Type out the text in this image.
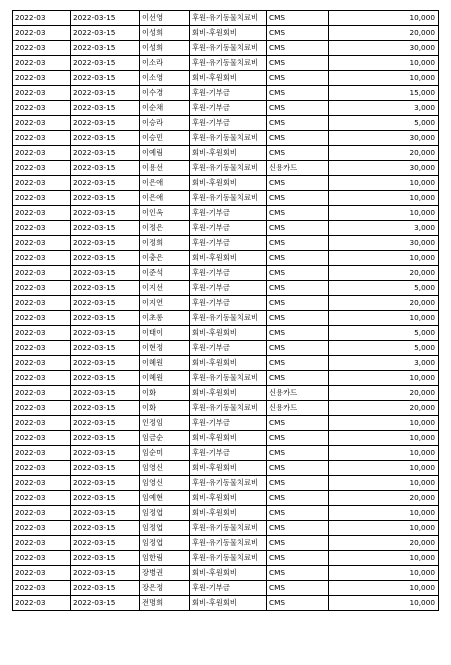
2022-03	2022-03-15	이선영	후원-유기동물치료비	CMS	10,000
2022-03	2022-03-15	이성희	회비-후원회비	CMS	20,000
2022-03	2022-03-15	이성희	후원-유기동물치료비	CMS	30,000
2022-03	2022-03-15	이소라	후원-유기동물치료비	CMS	10,000
2022-03	2022-03-15	이소영	회비-후원회비	CMS	10,000
2022-03	2022-03-15	이수경	후원-기부금	CMS	15,000
2022-03	2022-03-15	이순채	후원-기부금	CMS	3,000
2022-03	2022-03-15	이승라	후원-기부금	CMS	5,000
2022-03	2022-03-15	이승민	후원-유기동물치료비	CMS	30,000
2022-03	2022-03-15	이예림	회비-후원회비	CMS	20,000
2022-03	2022-03-15	이용선	후원-유기동물치료비	신용카드	30,000
2022-03	2022-03-15	이은애	회비-후원회비	CMS	10,000
2022-03	2022-03-15	이은애	후원-유기동물치료비	CMS	10,000
2022-03	2022-03-15	이인옥	후원-기부금	CMS	10,000
2022-03	2022-03-15	이정은	후원-기부금	CMS	3,000
2022-03	2022-03-15	이정희	후원-기부금	CMS	30,000
2022-03	2022-03-15	이충은	회비-후원회비	CMS	10,000
2022-03	2022-03-15	이준석	후원-기부금	CMS	20,000
2022-03	2022-03-15	이지선	후원-기부금	CMS	5,000
2022-03	2022-03-15	이지연	후원-기부금	CMS	20,000
2022-03	2022-03-15	이초롱	후원-유기동물치료비	CMS	10,000
2022-03	2022-03-15	이태이	회비-후원회비	CMS	5,000
2022-03	2022-03-15	이현정	후원-기부금	CMS	5,000
2022-03	2022-03-15	이혜원	회비-후원회비	CMS	3,000
2022-03	2022-03-15	이혜원	후원-유기동물치료비	CMS	10,000
2022-03	2022-03-15	이화	회비-후원회비	신용카드	20,000
2022-03	2022-03-15	이화	후원-유기동물치료비	신용카드	20,000
2022-03	2022-03-15	인정임	후원-기부금	CMS	10,000
2022-03	2022-03-15	임금순	회비-후원회비	CMS	10,000
2022-03	2022-03-15	임순미	후원-기부금	CMS	10,000
2022-03	2022-03-15	임영신	회비-후원회비	CMS	10,000
2022-03	2022-03-15	임영신	후원-유기동물치료비	CMS	10,000
2022-03	2022-03-15	임예현	회비-후원회비	CMS	20,000
2022-03	2022-03-15	임정엽	회비-후원회비	CMS	10,000
2022-03	2022-03-15	임정엽	후원-유기동물치료비	CMS	10,000
2022-03	2022-03-15	임정엽	후원-유기동물치료비	CMS	20,000
2022-03	2022-03-15	임한림	후원-유기동물치료비	CMS	10,000
2022-03	2022-03-15	장병권	회비-후원회비	CMS	10,000
2022-03	2022-03-15	장은정	후원-기부금	CMS	10,000
2022-03	2022-03-15	전명희	회비-후원회비	CMS	10,000
